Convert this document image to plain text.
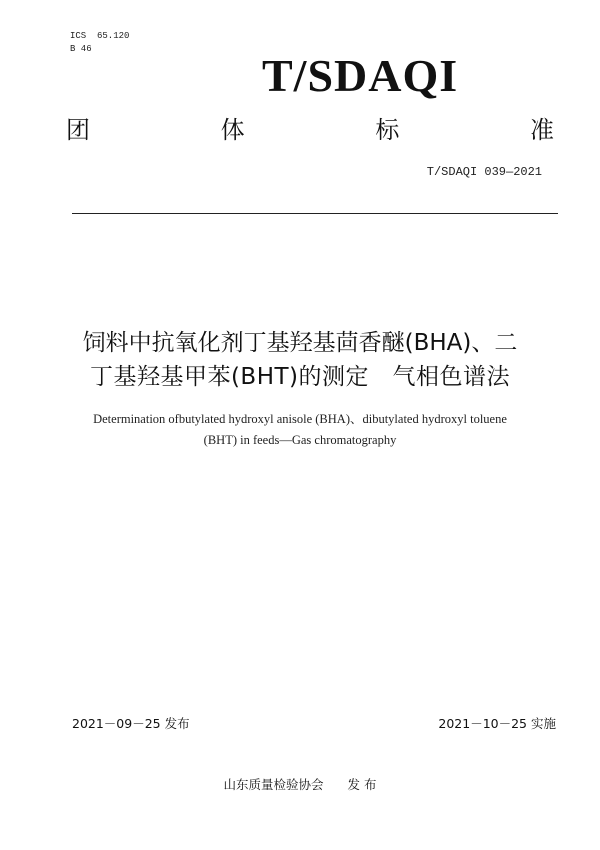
ICS  65.120
B 46
T/SDAQI
团	体	标	准
T/SDAQI 039—2021
饲料中抗氧化剂丁基羟基茴香醚(BHA)、二
丁基羟基甲苯(BHT)的测定　气相色谱法
Determination ofbutylated hydroxyl anisole (BHA)、dibutylated hydroxyl toluene
(BHT) in feeds—Gas chromatography
2021－09－25 发布	2021－10－25 实施
山东质量检验协会 发 布
